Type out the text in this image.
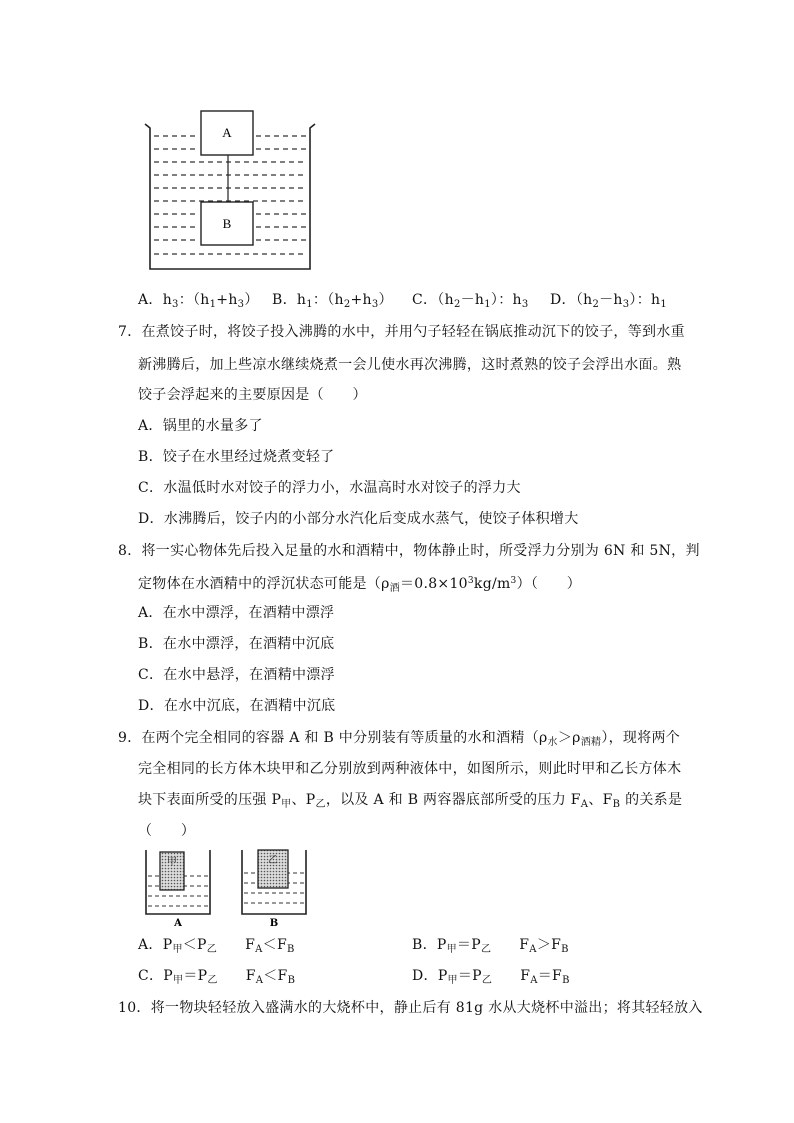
A
B
A．$h_3$：$(h_1+h_3)$ B．$h_1$：$(h_2+h_3)$ C．$(h_2-h_1)$：$h_3$ D．$(h_2-h_3)$：$h_1$
7．在煮饺子时，将饺子投入沸腾的水中，并用勺子轻轻在锅底推动沉下的饺子，等到水重
新沸腾后，加上些凉水继续烧煮一会儿使水再次沸腾，这时煮熟的饺子会浮出水面。熟
饺子会浮起来的主要原因是（　　）
A．锅里的水量多了
B．饺子在水里经过烧煮变轻了
C．水温低时水对饺子的浮力小，水温高时水对饺子的浮力大
D．水沸腾后，饺子内的小部分水汽化后变成水蒸气，使饺子体积增大
8．将一实心物体先后投入足量的水和酒精中，物体静止时，所受浮力分别为 6N 和 5N，判
定物体在水酒精中的浮沉状态可能是$(\rho_酒=0.8\times 10^3kg/m^3)$（　　）
A．在水中漂浮，在酒精中漂浮
B．在水中漂浮，在酒精中沉底
C．在水中悬浮，在酒精中漂浮
D．在水中沉底，在酒精中沉底
9．在两个完全相同的容器 A 和 B 中分别装有等质量的水和酒精$(\rho_水>\rho_{酒精})$，现将两个
完全相同的长方体木块甲和乙分别放到两种液体中，如图所示，则此时甲和乙长方体木
块下表面所受的压强 $P_甲$、$P_乙$，以及 A 和 B 两容器底部所受的压力 $F_A$、$F_B$ 的关系是
（　　）
甲
A
乙
B
A．$P_甲<P_乙$ $F_A<F_B$	B．$P_甲=P_乙$ $F_A>F_B$
C．$P_甲=P_乙$ $F_A<F_B$	D．$P_甲=P_乙$ $F_A=F_B$
10．将一物块轻轻放入盛满水的大烧杯中，静止后有 81g 水从大烧杯中溢出；将其轻轻放入
